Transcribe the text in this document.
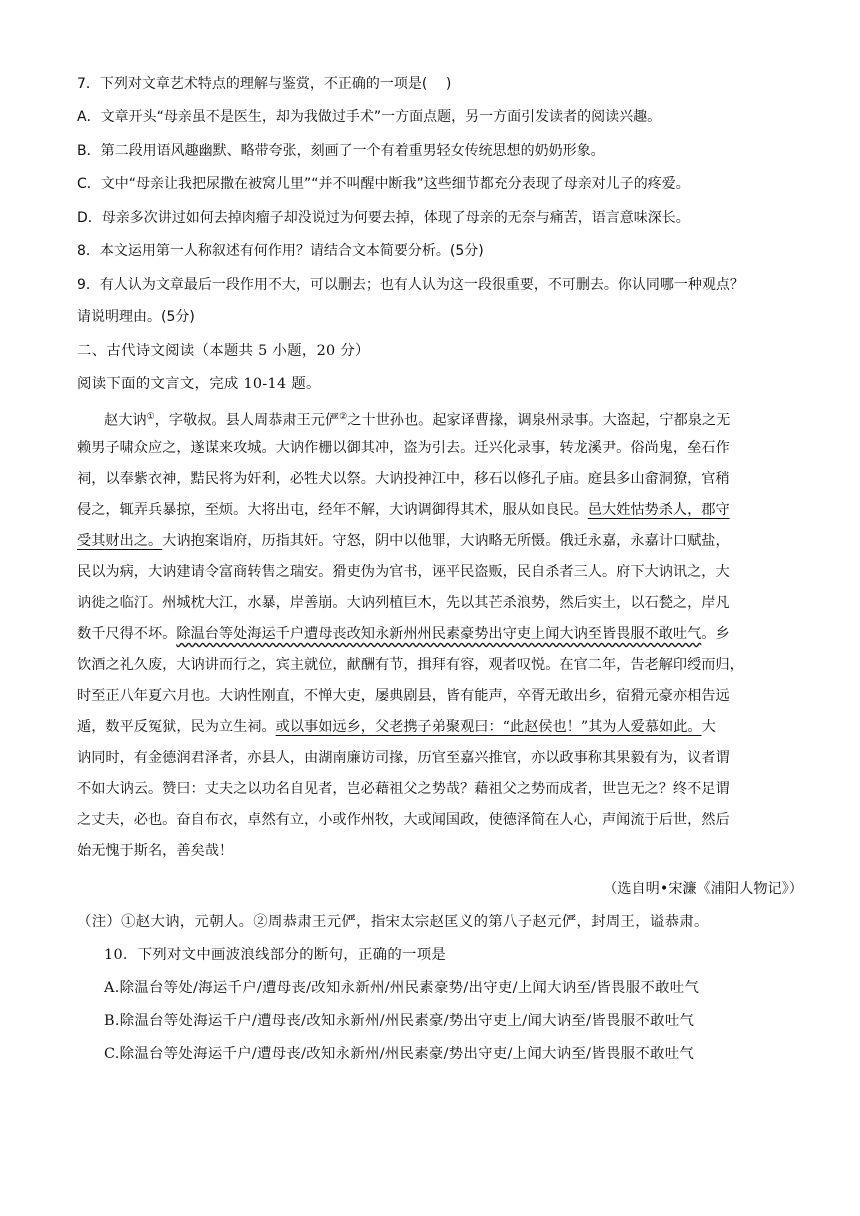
7．下列对文章艺术特点的理解与鉴赏，不正确的一项是(　 )
A．文章开头“母亲虽不是医生，却为我做过手术”一方面点题，另一方面引发读者的阅读兴趣。
B．第二段用语风趣幽默、略带夸张，刻画了一个有着重男轻女传统思想的奶奶形象。
C．文中“母亲让我把尿撒在被窝儿里”“并不叫醒中断我”这些细节都充分表现了母亲对儿子的疼爱。
D．母亲多次讲过如何去掉肉瘤子却没说过为何要去掉，体现了母亲的无奈与痛苦，语言意味深长。
8．本文运用第一人称叙述有何作用？请结合文本简要分析。(5分)
9．有人认为文章最后一段作用不大，可以删去；也有人认为这一段很重要，不可删去。你认同哪一种观点？
请说明理由。(5分)
二、古代诗文阅读（本题共 5 小题，20 分）
阅读下面的文言文，完成 10-14 题。
赵大讷①，字敬叔。县人周恭肃王元俨②之十世孙也。起家译曹掾，调泉州录事。大盗起，宁都泉之无
赖男子啸众应之，遂谋来攻城。大讷作栅以御其冲，盗为引去。迁兴化录事，转龙溪尹。俗尚鬼，垒石作
祠，以奉紫衣神，黠民将为奸利，必牲犬以祭。大讷投神江中，移石以修孔子庙。庭县多山畲洞獠，官稍
侵之，辄弄兵暴掠，至烦。大将出屯，经年不解，大讷调御得其术，服从如良民。邑大姓怙势杀人，郡守
受其财出之。大讷抱案诣府，历指其奸。守怒，阴中以他罪，大讷略无所慑。俄迁永嘉，永嘉计口赋盐，
民以为病，大讷建请令富商转售之瑞安。猾吏伪为官书，诬平民盗贩，民自杀者三人。府下大讷讯之，大
讷徙之临汀。州城枕大江，水暴，岸善崩。大讷列植巨木，先以其芒杀浪势，然后实土，以石甃之，岸凡
数千尺得不坏。除温台等处海运千户遭母丧改知永新州州民素豪势出守吏上闻大讷至皆畏服不敢吐气。乡
饮酒之礼久废，大讷讲而行之，宾主就位，献酬有节，揖拜有容，观者叹悦。在官二年，告老解印绶而归，
时至正八年夏六月也。大讷性刚直，不惮大吏，屡典剧县，皆有能声，卒胥无敢出乡，宿猾元豪亦相告远
遁，数平反冤狱，民为立生祠。或以事如远乡，父老携子弟聚观曰：“此赵侯也！”其为人爱慕如此。大
讷同时，有金德润君泽者，亦县人，由湖南廉访司掾，历官至嘉兴推官，亦以政事称其果毅有为，议者谓
不如大讷云。赞曰：丈夫之以功名自见者，岂必藉祖父之势哉？藉祖父之势而成者，世岂无之？终不足谓
之丈夫，必也。奋自布衣，卓然有立，小或作州牧，大或闻国政，使德泽简在人心，声闻流于后世，然后
始无愧于斯名，善矣哉！
（选自明•宋濂《浦阳人物记》）
（注）①赵大讷，元朝人。②周恭肃王元俨，指宋太宗赵匡义的第八子赵元俨，封周王，谥恭肃。
10．下列对文中画波浪线部分的断句，正确的一项是
A.除温台等处/海运千户/遭母丧/改知永新州/州民素豪势/出守吏/上闻大讷至/皆畏服不敢吐气
B.除温台等处海运千户/遭母丧/改知永新州/州民素豪/势出守吏上/闻大讷至/皆畏服不敢吐气
C.除温台等处海运千户/遭母丧/改知永新州/州民素豪/势出守吏/上闻大讷至/皆畏服不敢吐气
